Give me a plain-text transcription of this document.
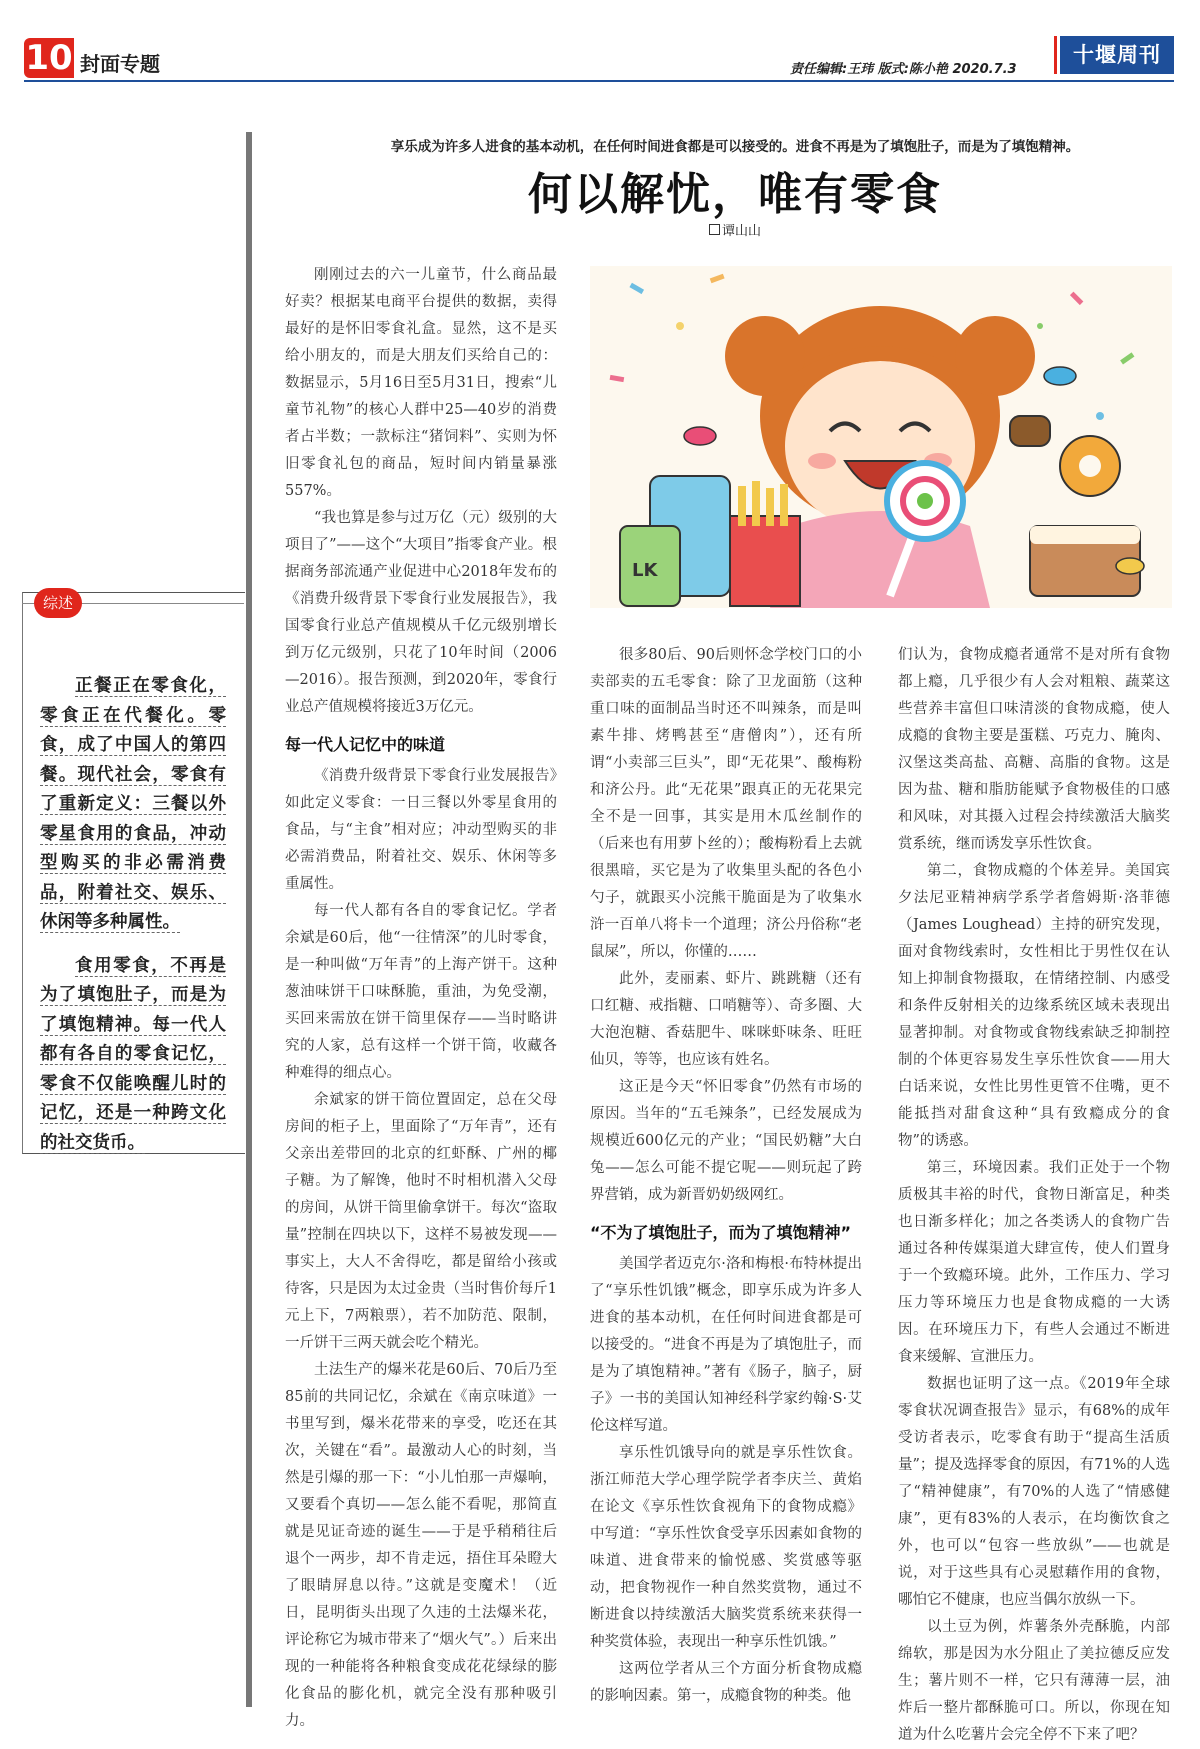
10 封面专题	责任编辑:王玮 版式:陈小艳 2020.7.3
十堰周刊
综述

正餐正在零食化，零食正在代餐化。零食，成了中国人的第四餐。现代社会，零食有了重新定义：三餐以外零星食用的食品，冲动型购买的非必需消费品，附着社交、娱乐、休闲等多种属性。

食用零食，不再是为了填饱肚子，而是为了填饱精神。每一代人都有各自的零食记忆，零食不仅能唤醒儿时的记忆，还是一种跨文化的社交货币。

享乐成为许多人进食的基本动机，在任何时间进食都是可以接受的。进食不再是为了填饱肚子，而是为了填饱精神。
何以解忧，唯有零食
谭山山

刚刚过去的六一儿童节，什么商品最好卖？根据某电商平台提供的数据，卖得最好的是怀旧零食礼盒。显然，这不是买给小朋友的，而是大朋友们买给自己的：数据显示，5月16日至5月31日，搜索“儿童节礼物”的核心人群中25—40岁的消费者占半数；一款标注“猪饲料”、实则为怀旧零食礼包的商品，短时间内销量暴涨557%。

“我也算是参与过万亿（元）级别的大项目了”——这个“大项目”指零食产业。根据商务部流通产业促进中心2018年发布的《消费升级背景下零食行业发展报告》，我国零食行业总产值规模从千亿元级别增长到万亿元级别，只花了10年时间（2006—2016）。报告预测，到2020年，零食行业总产值规模将接近3万亿元。

每一代人记忆中的味道

《消费升级背景下零食行业发展报告》如此定义零食：一日三餐以外零星食用的食品，与“主食”相对应；冲动型购买的非必需消费品，附着社交、娱乐、休闲等多重属性。

每一代人都有各自的零食记忆。学者余斌是60后，他“一往情深”的儿时零食，是一种叫做“万年青”的上海产饼干。这种葱油味饼干口味酥脆，重油，为免受潮，买回来需放在饼干筒里保存——当时略讲究的人家，总有这样一个饼干筒，收藏各种难得的细点心。

余斌家的饼干筒位置固定，总在父母房间的柜子上，里面除了“万年青”，还有父亲出差带回的北京的红虾酥、广州的椰子糖。为了解馋，他时不时相机潜入父母的房间，从饼干筒里偷拿饼干。每次“盗取量”控制在四块以下，这样不易被发现——事实上，大人不舍得吃，都是留给小孩或待客，只是因为太过金贵（当时售价每斤1元上下，7两粮票），若不加防范、限制，一斤饼干三两天就会吃个精光。

土法生产的爆米花是60后、70后乃至85前的共同记忆，余斌在《南京味道》一书里写到，爆米花带来的享受，吃还在其次，关键在“看”。最激动人心的时刻，当然是引爆的那一下：“小儿怕那一声爆响，又要看个真切——怎么能不看呢，那简直就是见证奇迹的诞生——于是乎稍稍往后退个一两步，却不肯走远，捂住耳朵瞪大了眼睛屏息以待。”这就是变魔术！（近日，昆明街头出现了久违的土法爆米花，评论称它为城市带来了“烟火气”。）后来出现的一种能将各种粮食变成花花绿绿的膨化食品的膨化机，就完全没有那种吸引力。

LK

很多80后、90后则怀念学校门口的小卖部卖的五毛零食：除了卫龙面筋（这种重口味的面制品当时还不叫辣条，而是叫素牛排、烤鸭甚至“唐僧肉”），还有所谓“小卖部三巨头”，即“无花果”、酸梅粉和济公丹。此“无花果”跟真正的无花果完全不是一回事，其实是用木瓜丝制作的（后来也有用萝卜丝的）；酸梅粉看上去就很黑暗，买它是为了收集里头配的各色小勺子，就跟买小浣熊干脆面是为了收集水浒一百单八将卡一个道理；济公丹俗称“老鼠屎”，所以，你懂的……

此外，麦丽素、虾片、跳跳糖（还有口红糖、戒指糖、口哨糖等）、奇多圈、大大泡泡糖、香菇肥牛、咪咪虾味条、旺旺仙贝，等等，也应该有姓名。

这正是今天“怀旧零食”仍然有市场的原因。当年的“五毛辣条”，已经发展成为规模近600亿元的产业；“国民奶糖”大白兔——怎么可能不提它呢——则玩起了跨界营销，成为新晋奶奶级网红。

“不为了填饱肚子，而为了填饱精神”

美国学者迈克尔·洛和梅根·布特林提出了“享乐性饥饿”概念，即享乐成为许多人进食的基本动机，在任何时间进食都是可以接受的。“进食不再是为了填饱肚子，而是为了填饱精神。”著有《肠子，脑子，厨子》一书的美国认知神经科学家约翰·S·艾伦这样写道。

享乐性饥饿导向的就是享乐性饮食。浙江师范大学心理学院学者李庆兰、黄焰在论文《享乐性饮食视角下的食物成瘾》中写道：“享乐性饮食受享乐因素如食物的味道、进食带来的愉悦感、奖赏感等驱动，把食物视作一种自然奖赏物，通过不断进食以持续激活大脑奖赏系统来获得一种奖赏体验，表现出一种享乐性饥饿。”

这两位学者从三个方面分析食物成瘾的影响因素。第一，成瘾食物的种类。他

们认为，食物成瘾者通常不是对所有食物都上瘾，几乎很少有人会对粗粮、蔬菜这些营养丰富但口味清淡的食物成瘾，使人成瘾的食物主要是蛋糕、巧克力、腌肉、汉堡这类高盐、高糖、高脂的食物。这是因为盐、糖和脂肪能赋予食物极佳的口感和风味，对其摄入过程会持续激活大脑奖赏系统，继而诱发享乐性饮食。

第二，食物成瘾的个体差异。美国宾夕法尼亚精神病学系学者詹姆斯·洛菲德（James Loughead）主持的研究发现，面对食物线索时，女性相比于男性仅在认知上抑制食物摄取，在情绪控制、内感受和条件反射相关的边缘系统区域未表现出显著抑制。对食物或食物线索缺乏抑制控制的个体更容易发生享乐性饮食——用大白话来说，女性比男性更管不住嘴，更不能抵挡对甜食这种“具有致瘾成分的食物”的诱惑。

第三，环境因素。我们正处于一个物质极其丰裕的时代，食物日渐富足，种类也日渐多样化；加之各类诱人的食物广告通过各种传媒渠道大肆宣传，使人们置身于一个致瘾环境。此外，工作压力、学习压力等环境压力也是食物成瘾的一大诱因。在环境压力下，有些人会通过不断进食来缓解、宣泄压力。

数据也证明了这一点。《2019年全球零食状况调查报告》显示，有68%的成年受访者表示，吃零食有助于“提高生活质量”；提及选择零食的原因，有71%的人选了“精神健康”，有70%的人选了“情感健康”，更有83%的人表示，在均衡饮食之外，也可以“包容一些放纵”——也就是说，对于这些具有心灵慰藉作用的食物，哪怕它不健康，也应当偶尔放纵一下。

以土豆为例，炸薯条外壳酥脆，内部绵软，那是因为水分阻止了美拉德反应发生；薯片则不一样，它只有薄薄一层，油炸后一整片都酥脆可口。所以，你现在知道为什么吃薯片会完全停不下来了吧？
